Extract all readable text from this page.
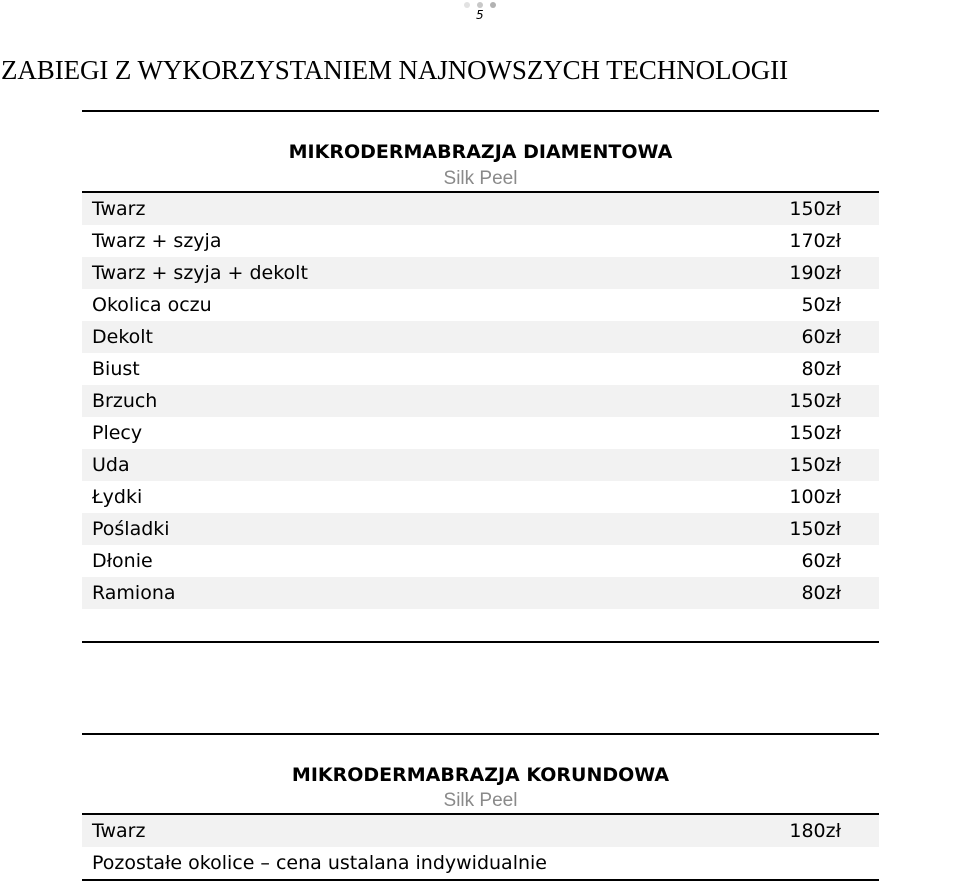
5
ZABIEGI Z WYKORZYSTANIEM NAJNOWSZYCH TECHNOLOGII
MIKRODERMABRAZJA DIAMENTOWA
Silk Peel
Twarz	150zł
Twarz + szyja	170zł
Twarz + szyja + dekolt	190zł
Okolica oczu	50zł
Dekolt	60zł
Biust	80zł
Brzuch	150zł
Plecy	150zł
Uda	150zł
Łydki	100zł
Pośladki	150zł
Dłonie	60zł
Ramiona	80zł
MIKRODERMABRAZJA KORUNDOWA
Silk Peel
Twarz	180zł
Pozostałe okolice – cena ustalana indywidualnie
